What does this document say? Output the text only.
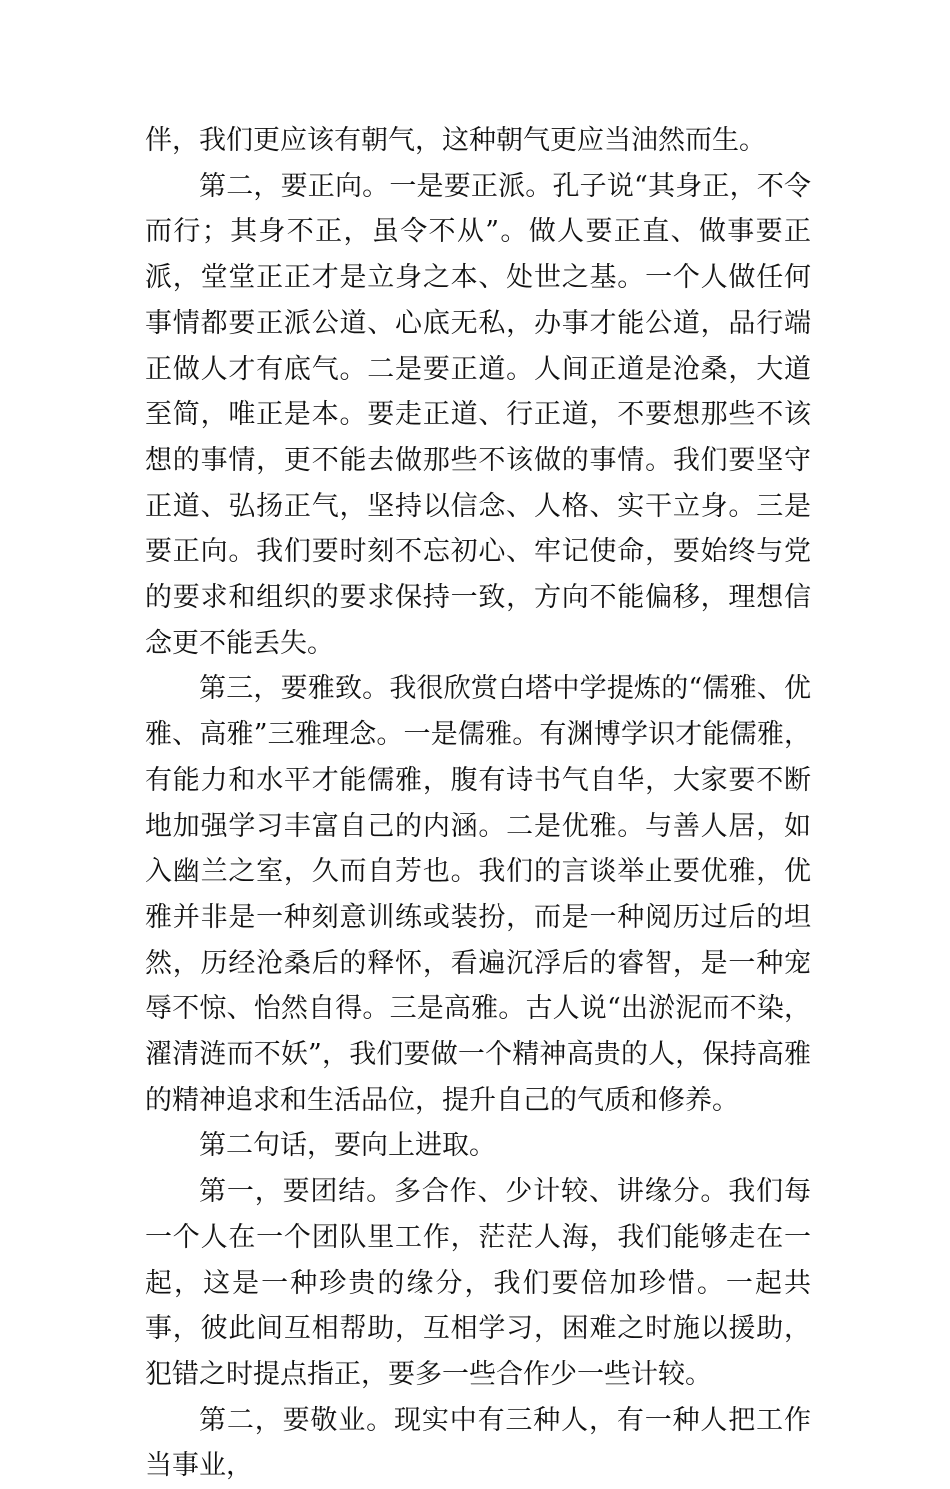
伴，我们更应该有朝气，这种朝气更应当油然而生。

第二，要正向。一是要正派。孔子说“其身正，不令而行；其身不正，虽令不从”。做人要正直、做事要正派，堂堂正正才是立身之本、处世之基。一个人做任何事情都要正派公道、心底无私，办事才能公道，品行端正做人才有底气。二是要正道。人间正道是沧桑，大道至简，唯正是本。要走正道、行正道，不要想那些不该想的事情，更不能去做那些不该做的事情。我们要坚守正道、弘扬正气，坚持以信念、人格、实干立身。三是要正向。我们要时刻不忘初心、牢记使命，要始终与党的要求和组织的要求保持一致，方向不能偏移，理想信念更不能丢失。

第三，要雅致。我很欣赏白塔中学提炼的“儒雅、优雅、高雅”三雅理念。一是儒雅。有渊博学识才能儒雅，有能力和水平才能儒雅，腹有诗书气自华，大家要不断地加强学习丰富自己的内涵。二是优雅。与善人居，如入幽兰之室，久而自芳也。我们的言谈举止要优雅，优雅并非是一种刻意训练或装扮，而是一种阅历过后的坦然，历经沧桑后的释怀，看遍沉浮后的睿智，是一种宠辱不惊、怡然自得。三是高雅。古人说“出淤泥而不染，濯清涟而不妖”，我们要做一个精神高贵的人，保持高雅的精神追求和生活品位，提升自己的气质和修养。

第二句话，要向上进取。

第一，要团结。多合作、少计较、讲缘分。我们每一个人在一个团队里工作，茫茫人海，我们能够走在一起，这是一种珍贵的缘分，我们要倍加珍惜。一起共事，彼此间互相帮助，互相学习，困难之时施以援助，犯错之时提点指正，要多一些合作少一些计较。

第二，要敬业。现实中有三种人，有一种人把工作当事业，
